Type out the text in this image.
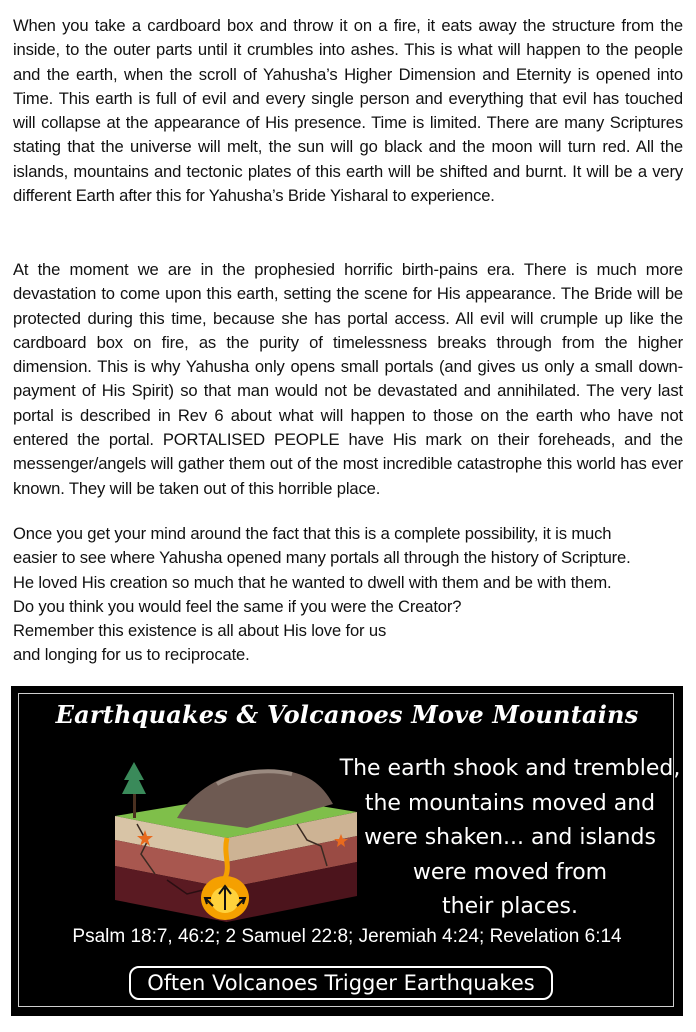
When you take a cardboard box and throw it on a fire, it eats away the structure from the inside, to the outer parts until it crumbles into ashes. This is what will happen to the people and the earth, when the scroll of Yahusha’s Higher Dimension and Eternity is opened into Time. This earth is full of evil and every single person and everything that evil has touched will collapse at the appearance of His presence. Time is limited. There are many Scriptures stating that the universe will melt, the sun will go black and the moon will turn red. All the islands, mountains and tectonic plates of this earth will be shifted and burnt. It will be a very different Earth after this for Yahusha’s Bride Yisharal to experience.

At the moment we are in the prophesied horrific birth-pains era. There is much more devastation to come upon this earth, setting the scene for His appearance. The Bride will be protected during this time, because she has portal access. All evil will crumple up like the cardboard box on fire, as the purity of timelessness breaks through from the higher dimension. This is why Yahusha only opens small portals (and gives us only a small down-payment of His Spirit) so that man would not be devastated and annihilated. The very last portal is described in Rev 6 about what will happen to those on the earth who have not entered the portal. PORTALISED PEOPLE have His mark on their foreheads, and the messenger/angels will gather them out of the most incredible catastrophe this world has ever known. They will be taken out of this horrible place.

Once you get your mind around the fact that this is a complete possibility, it is much
easier to see where Yahusha opened many portals all through the history of Scripture.
He loved His creation so much that he wanted to dwell with them and be with them.
Do you think you would feel the same if you were the Creator?
Remember this existence is all about His love for us
and longing for us to reciprocate.

Earthquakes & Volcanoes Move Mountains
The earth shook and trembled,
the mountains moved and
were shaken... and islands
were moved from
their places.
Psalm 18:7, 46:2; 2 Samuel 22:8; Jeremiah 4:24; Revelation 6:14
Often Volcanoes Trigger Earthquakes
